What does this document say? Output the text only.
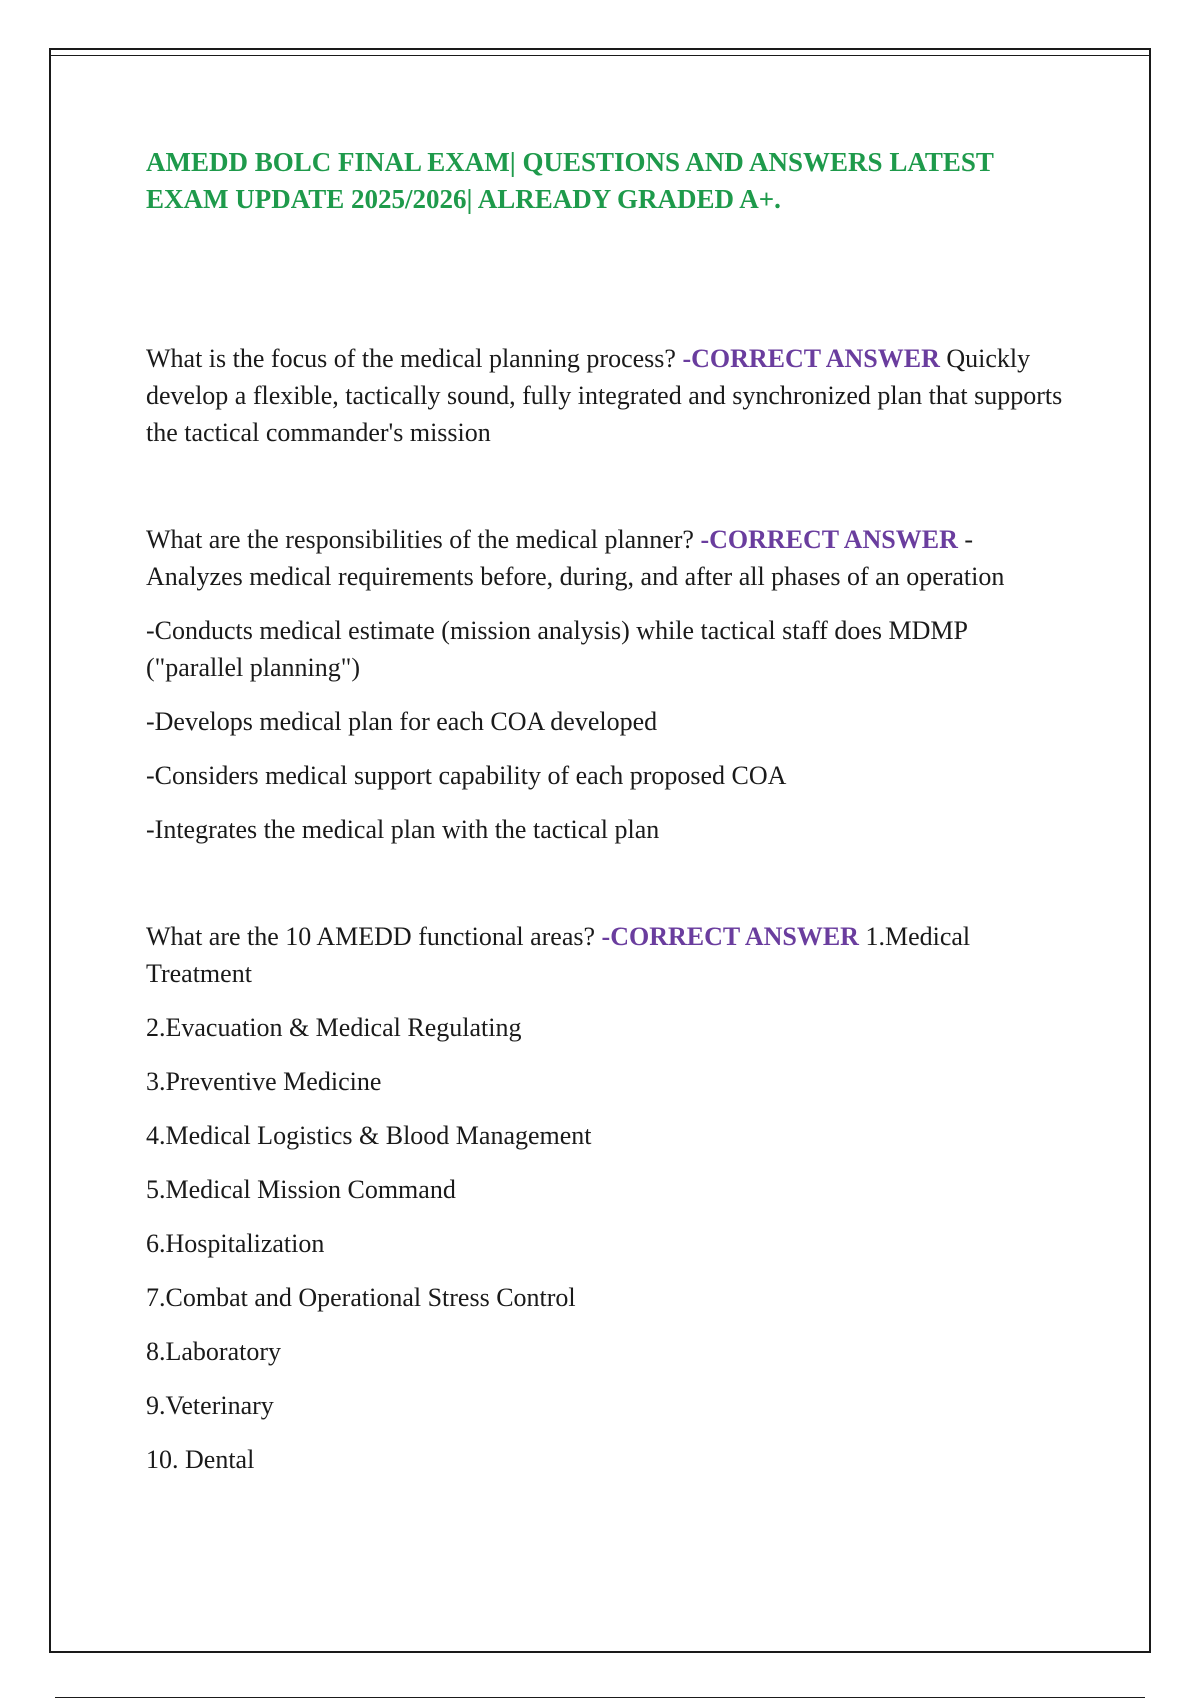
AMEDD BOLC FINAL EXAM| QUESTIONS AND ANSWERS LATEST EXAM UPDATE 2025/2026| ALREADY GRADED A+.

What is the focus of the medical planning process? -CORRECT ANSWER Quickly develop a flexible, tactically sound, fully integrated and synchronized plan that supports the tactical commander's mission

What are the responsibilities of the medical planner? -CORRECT ANSWER -Analyzes medical requirements before, during, and after all phases of an operation

-Conducts medical estimate (mission analysis) while tactical staff does MDMP ("parallel planning")

-Develops medical plan for each COA developed

-Considers medical support capability of each proposed COA

-Integrates the medical plan with the tactical plan

What are the 10 AMEDD functional areas? -CORRECT ANSWER 1.Medical Treatment

2.Evacuation & Medical Regulating

3.Preventive Medicine

4.Medical Logistics & Blood Management

5.Medical Mission Command

6.Hospitalization

7.Combat and Operational Stress Control

8.Laboratory

9.Veterinary

10. Dental
